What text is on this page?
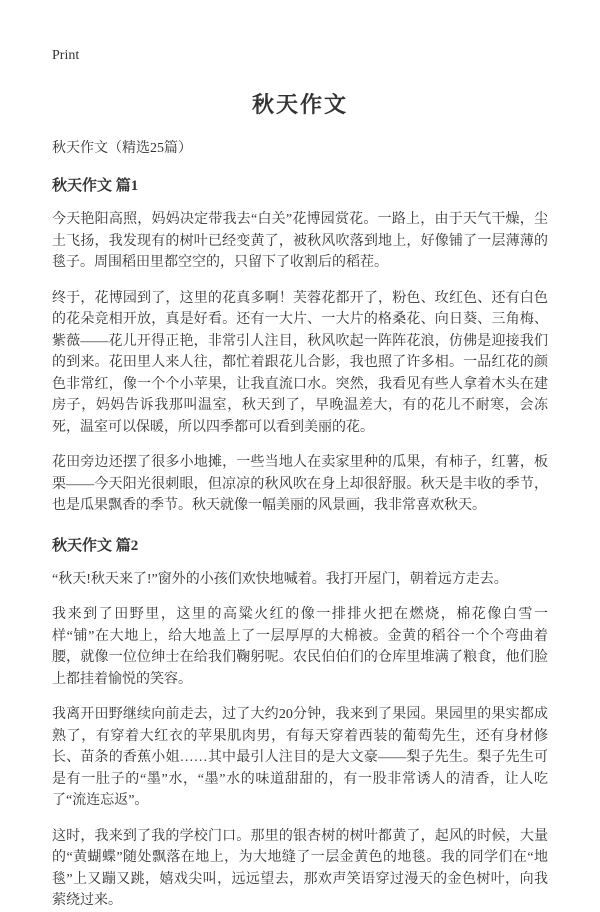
Print
秋天作文

秋天作文（精选25篇）

秋天作文 篇1

今天艳阳高照，妈妈决定带我去“白关”花博园赏花。一路上，由于天气干燥，尘土飞扬，我发现有的树叶已经变黄了，被秋风吹落到地上，好像铺了一层薄薄的毯子。周围稻田里都空空的，只留下了收割后的稻茬。

终于，花博园到了，这里的花真多啊！芙蓉花都开了，粉色、玫红色、还有白色的花朵竞相开放，真是好看。还有一大片、一大片的格桑花、向日葵、三角梅、紫薇——花儿开得正艳，非常引人注目，秋风吹起一阵阵花浪，仿佛是迎接我们的到来。花田里人来人往，都忙着跟花儿合影，我也照了许多相。一品红花的颜色非常红，像一个个小苹果，让我直流口水。突然，我看见有些人拿着木头在建房子，妈妈告诉我那叫温室，秋天到了，早晚温差大，有的花儿不耐寒，会冻死，温室可以保暖，所以四季都可以看到美丽的花。

花田旁边还摆了很多小地摊，一些当地人在卖家里种的瓜果，有柿子，红薯，板栗——今天阳光很刺眼，但凉凉的秋风吹在身上却很舒服。秋天是丰收的季节，也是瓜果飘香的季节。秋天就像一幅美丽的风景画，我非常喜欢秋天。

秋天作文 篇2

“秋天!秋天来了!”窗外的小孩们欢快地喊着。我打开屋门，朝着远方走去。

我来到了田野里，这里的高粱火红的像一排排火把在燃烧，棉花像白雪一样“铺”在大地上，给大地盖上了一层厚厚的大棉被。金黄的稻谷一个个弯曲着腰，就像一位位绅士在给我们鞠躬呢。农民伯伯们的仓库里堆满了粮食，他们脸上都挂着愉悦的笑容。

我离开田野继续向前走去，过了大约20分钟，我来到了果园。果园里的果实都成熟了，有穿着大红衣的苹果肌肉男，有每天穿着西装的葡萄先生，还有身材修长、苗条的香蕉小姐……其中最引人注目的是大文豪——梨子先生。梨子先生可是有一肚子的“墨”水，“墨”水的味道甜甜的，有一股非常诱人的清香，让人吃了“流连忘返”。

这时，我来到了我的学校门口。那里的银杏树的树叶都黄了，起风的时候，大量的“黄蝴蝶”随处飘落在地上，为大地缝了一层金黄色的地毯。我的同学们在“地毯”上又蹦又跳，嬉戏尖叫，远远望去，那欢声笑语穿过漫天的金色树叶，向我萦绕过来。
